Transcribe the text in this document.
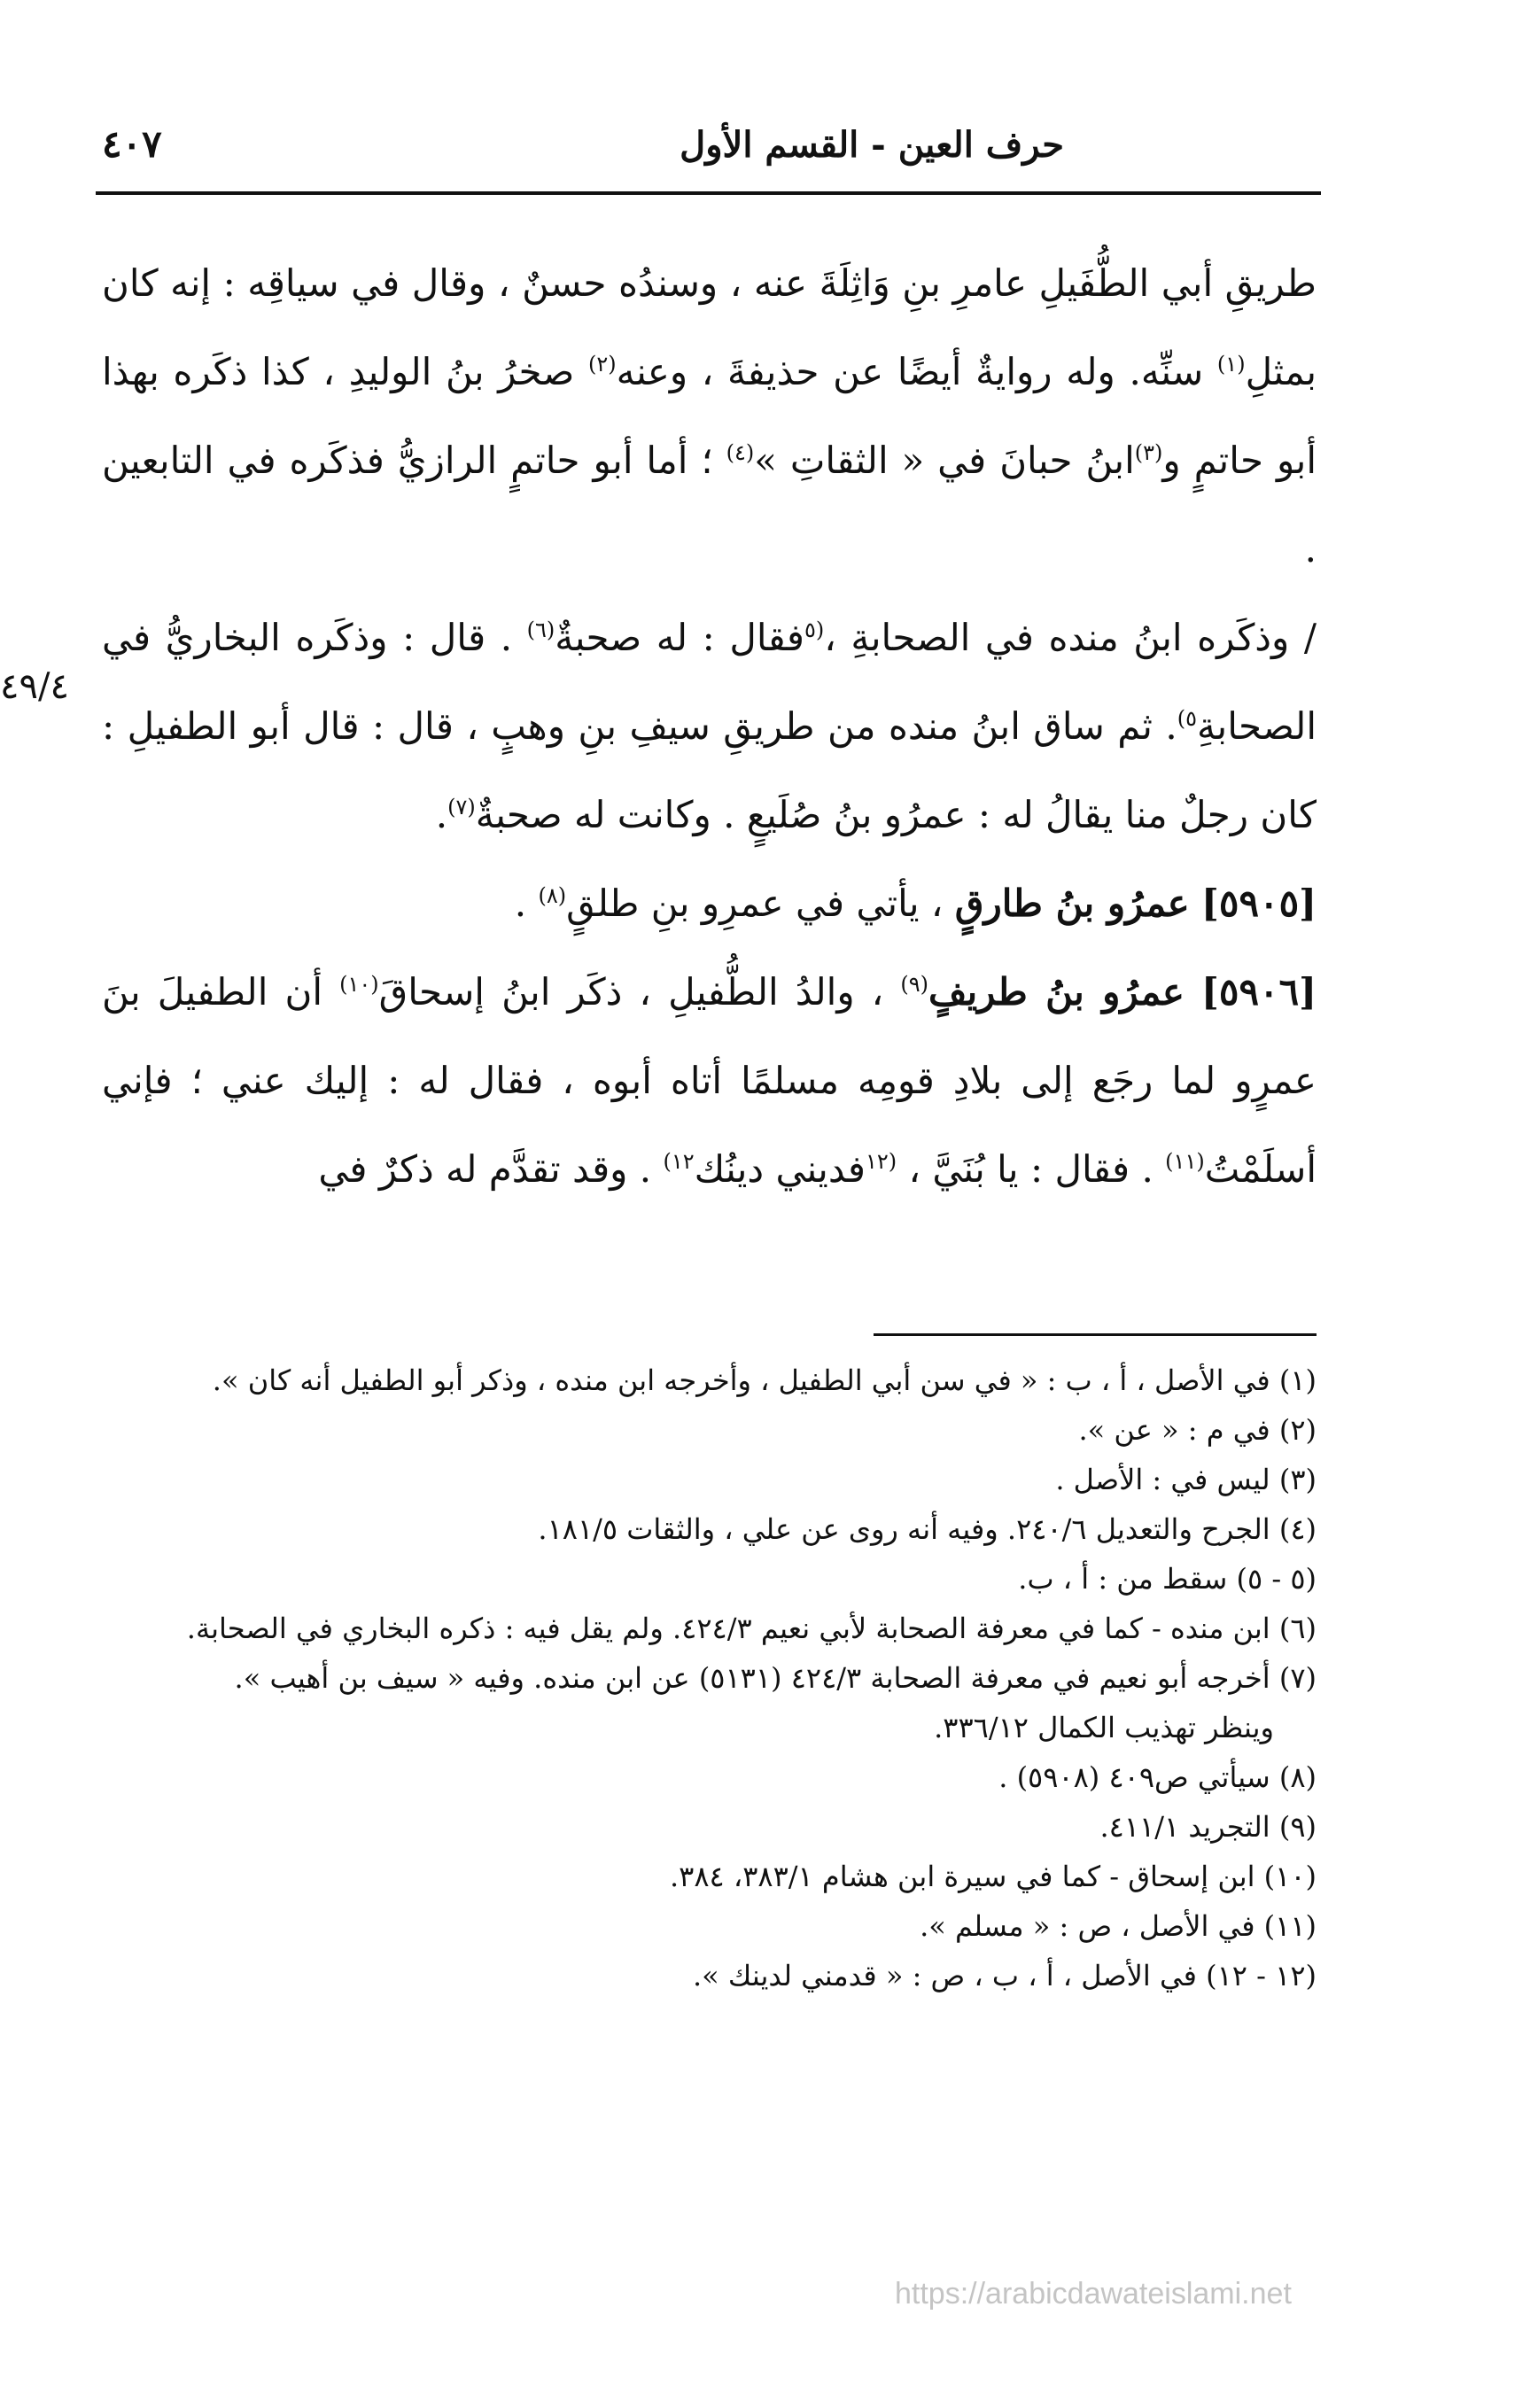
حرف العين - القسم الأول
٤٠٧

طريقِ أبي الطُّفَيلِ عامرِ بنِ وَاثِلَةَ عنه ، وسندُه حسنٌ ، وقال في سياقِه : إنه كان بمثلِ$^{(١)}$ سنِّه. وله روايةٌ أيضًا عن حذيفةَ ، وعنه$^{(٢)}$ صخرُ بنُ الوليدِ ، كذا ذكَره بهذا أبو حاتمٍ و$^{(٣)}$ابنُ حبانَ في « الثقاتِ »$^{(٤)}$ ؛ أما أبو حاتمٍ الرازيُّ فذكَره في التابعين .

/ وذكَره ابنُ منده في الصحابةِ ،$^{(٥}$فقال : له صحبةٌ$^{(٦)}$ . قال : وذكَره البخاريُّ في الصحابةِ$^{٥)}$. ثم ساق ابنُ منده من طريقِ سيفِ بنِ وهبٍ ، قال : قال أبو الطفيلِ : كان رجلٌ منا يقالُ له : عمرُو بنُ صُلَيعٍ . وكانت له صحبةٌ$^{(٧)}$.

[٥٩٠٥] عمرُو بنُ طارقٍ ، يأتي في عمرِو بنِ طلقٍ$^{(٨)}$ .

[٥٩٠٦] عمرُو بنُ طريفٍ$^{(٩)}$ ، والدُ الطُّفيلِ ، ذكَر ابنُ إسحاقَ$^{(١٠)}$ أن الطفيلَ بنَ عمرٍو لما رجَع إلى بلادِ قومِه مسلمًا أتاه أبوه ، فقال له : إليك عني ؛ فإني أسلَمْتُ$^{(١١)}$ . فقال : يا بُنَيَّ ، $^{(١٢}$فديني دينُك$^{١٢)}$ . وقد تقدَّم له ذكرٌ في

٤٩/٤

(١) في الأصل ، أ ، ب : « في سن أبي الطفيل ، وأخرجه ابن منده ، وذكر أبو الطفيل أنه كان ».

(٢) في م : « عن ».

(٣) ليس في : الأصل .

(٤) الجرح والتعديل ٢٤٠/٦. وفيه أنه روى عن علي ، والثقات ١٨١/٥.

(٥ - ٥) سقط من : أ ، ب.

(٦) ابن منده - كما في معرفة الصحابة لأبي نعيم ٤٢٤/٣. ولم يقل فيه : ذكره البخاري في الصحابة.

(٧) أخرجه أبو نعيم في معرفة الصحابة ٤٢٤/٣ (٥١٣١) عن ابن منده. وفيه « سيف بن أهيب ».

وينظر تهذيب الكمال ٣٣٦/١٢.

(٨) سيأتي ص٤٠٩ (٥٩٠٨) .

(٩) التجريد ٤١١/١.

(١٠) ابن إسحاق - كما في سيرة ابن هشام ٣٨٣/١، ٣٨٤.

(١١) في الأصل ، ص : « مسلم ».

(١٢ - ١٢) في الأصل ، أ ، ب ، ص : « قدمني لدينك ».

https://arabicdawateislami.net
